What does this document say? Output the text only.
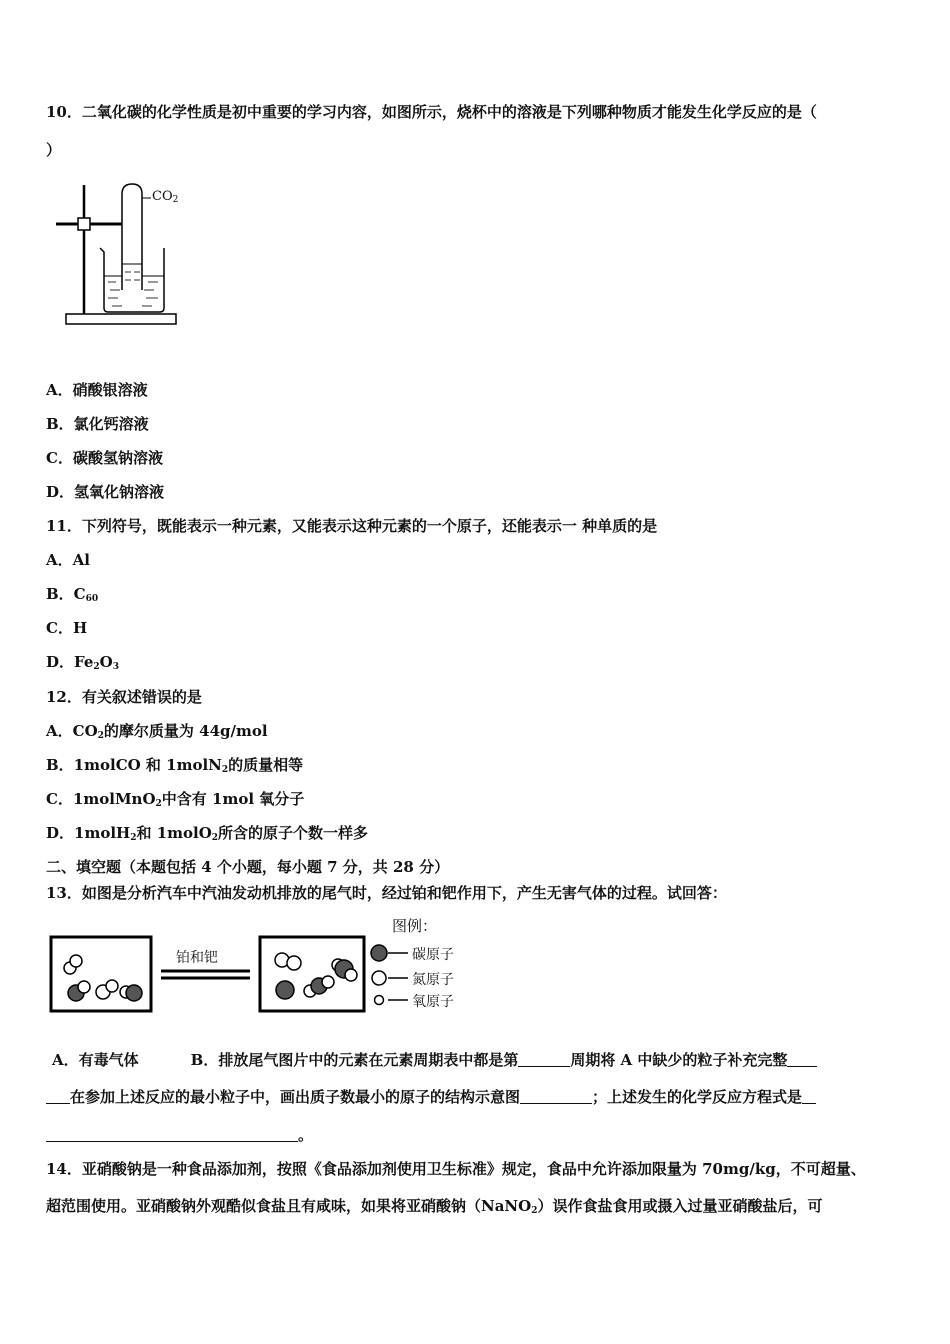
10．二氧化碳的化学性质是初中重要的学习内容，如图所示，烧杯中的溶液是下列哪种物质才能发生化学反应的是（
）
$CO_2$
A．硝酸银溶液
B．氯化钙溶液
C．碳酸氢钠溶液
D．氢氧化钠溶液
11．下列符号，既能表示一种元素，又能表示这种元素的一个原子，还能表示一 种单质的是
A．Al
B．$C_{60}$
C．H
D．$Fe_2O_3$
12．有关叙述错误的是
A．$CO_2$的摩尔质量为 44g/mol
B．1molCO 和 1molN$_2$的质量相等
C．1molMnO$_2$中含有 1mol 氧分子
D．1molH$_2$和 1molO$_2$所含的原子个数一样多
二、填空题（本题包括 4 个小题，每小题 7 分，共 28 分）
13．如图是分析汽车中汽油发动机排放的尾气时，经过铂和钯作用下，产生无害气体的过程。试回答：
铂和钯
图例：
碳原子
氮原子
氧原子
A．有毒气体	B．排放尾气图片中的元素在元素周期表中都是第	周期将 A 中缺少的粒子补充完整
在参加上述反应的最小粒子中，画出质子数最小的原子的结构示意图	；上述发生的化学反应方程式是
。
14．亚硝酸钠是一种食品添加剂，按照《食品添加剂使用卫生标准》规定，食品中允许添加限量为 70mg/kg，不可超量、
超范围使用。亚硝酸钠外观酷似食盐且有咸味，如果将亚硝酸钠（NaNO$_2$）误作食盐食用或摄入过量亚硝酸盐后，可
